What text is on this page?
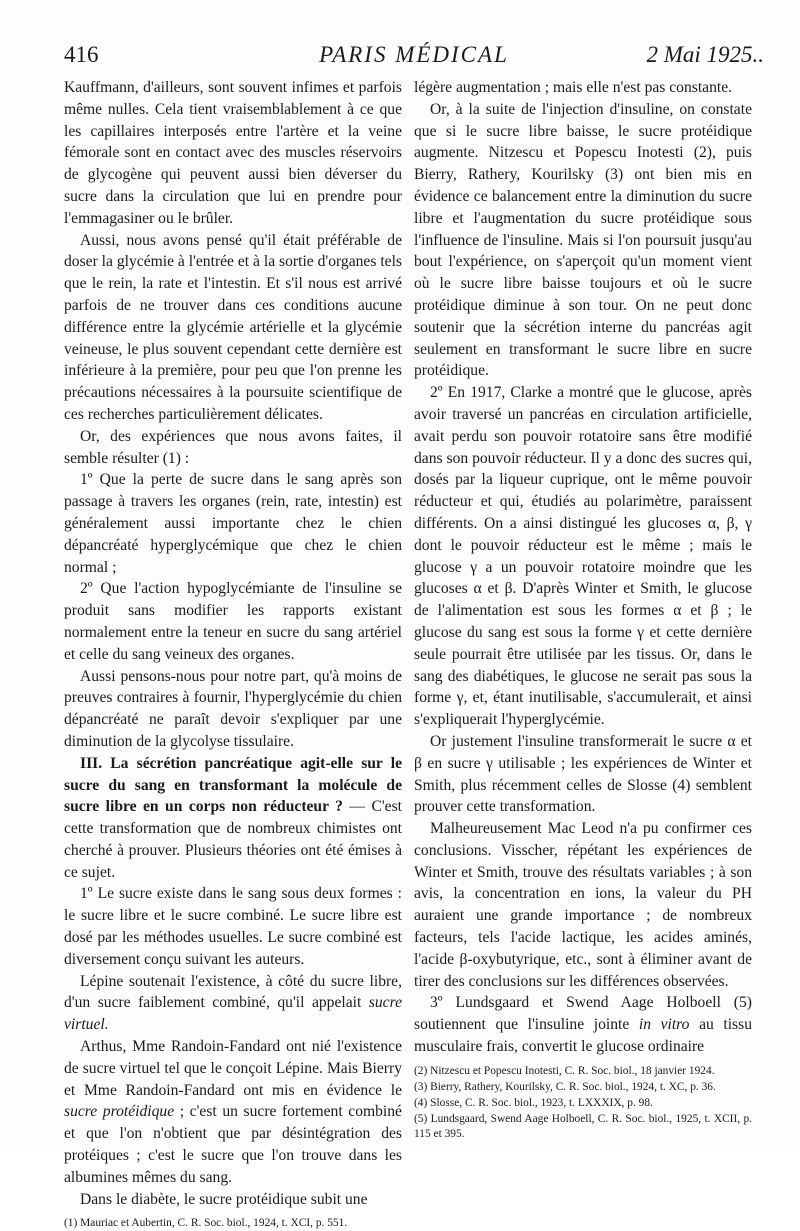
PARIS MÉDICAL
416	2 Mai 1925..

Kauffmann, d'ailleurs, sont souvent infimes et parfois même nulles. Cela tient vraisemblablement à ce que les capillaires interposés entre l'artère et la veine fémorale sont en contact avec des muscles réservoirs de glycogène qui peuvent aussi bien déverser du sucre dans la circulation que lui en prendre pour l'emmagasiner ou le brûler.

Aussi, nous avons pensé qu'il était préférable de doser la glycémie à l'entrée et à la sortie d'organes tels que le rein, la rate et l'intestin. Et s'il nous est arrivé parfois de ne trouver dans ces conditions aucune différence entre la glycémie artérielle et la glycémie veineuse, le plus souvent cependant cette dernière est inférieure à la première, pour peu que l'on prenne les précautions nécessaires à la poursuite scientifique de ces recherches particulièrement délicates.

Or, des expériences que nous avons faites, il semble résulter (1) :

1º Que la perte de sucre dans le sang après son passage à travers les organes (rein, rate, intestin) est généralement aussi importante chez le chien dépancréaté hyperglycémique que chez le chien normal ;

2º Que l'action hypoglycémiante de l'insuline se produit sans modifier les rapports existant normalement entre la teneur en sucre du sang artériel et celle du sang veineux des organes.

Aussi pensons-nous pour notre part, qu'à moins de preuves contraires à fournir, l'hyperglycémie du chien dépancréaté ne paraît devoir s'expliquer par une diminution de la glycolyse tissulaire.

III. La sécrétion pancréatique agit-elle sur le sucre du sang en transformant la molécule de sucre libre en un corps non réducteur ? — C'est cette transformation que de nombreux chimistes ont cherché à prouver. Plusieurs théories ont été émises à ce sujet.

1º Le sucre existe dans le sang sous deux formes : le sucre libre et le sucre combiné. Le sucre libre est dosé par les méthodes usuelles. Le sucre combiné est diversement conçu suivant les auteurs.

Lépine soutenait l'existence, à côté du sucre libre, d'un sucre faiblement combiné, qu'il appelait sucre virtuel.

Arthus, Mme Randoin-Fandard ont nié l'existence de sucre virtuel tel que le conçoit Lépine. Mais Bierry et Mme Randoin-Fandard ont mis en évidence le sucre protéidique ; c'est un sucre fortement combiné et que l'on n'obtient que par désintégration des protéiques ; c'est le sucre que l'on trouve dans les albumines mêmes du sang.

Dans le diabète, le sucre protéidique subit une

(1) Mauriac et Aubertin, C. R. Soc. biol., 1924, t. XCI, p. 551.

légère augmentation ; mais elle n'est pas constante.

Or, à la suite de l'injection d'insuline, on constate que si le sucre libre baisse, le sucre protéidique augmente. Nitzescu et Popescu Inotesti (2), puis Bierry, Rathery, Kourilsky (3) ont bien mis en évidence ce balancement entre la diminution du sucre libre et l'augmentation du sucre protéidique sous l'influence de l'insuline. Mais si l'on poursuit jusqu'au bout l'expérience, on s'aperçoit qu'un moment vient où le sucre libre baisse toujours et où le sucre protéidique diminue à son tour. On ne peut donc soutenir que la sécrétion interne du pancréas agit seulement en transformant le sucre libre en sucre protéidique.

2º En 1917, Clarke a montré que le glucose, après avoir traversé un pancréas en circulation artificielle, avait perdu son pouvoir rotatoire sans être modifié dans son pouvoir réducteur. Il y a donc des sucres qui, dosés par la liqueur cuprique, ont le même pouvoir réducteur et qui, étudiés au polarimètre, paraissent différents. On a ainsi distingué les glucoses α, β, γ dont le pouvoir réducteur est le même ; mais le glucose γ a un pouvoir rotatoire moindre que les glucoses α et β. D'après Winter et Smith, le glucose de l'alimentation est sous les formes α et β ; le glucose du sang est sous la forme γ et cette dernière seule pourrait être utilisée par les tissus. Or, dans le sang des diabétiques, le glucose ne serait pas sous la forme γ, et, étant inutilisable, s'accumulerait, et ainsi s'expliquerait l'hyperglycémie.

Or justement l'insuline transformerait le sucre α et β en sucre γ utilisable ; les expériences de Winter et Smith, plus récemment celles de Slosse (4) semblent prouver cette transformation.

Malheureusement Mac Leod n'a pu confirmer ces conclusions. Visscher, répétant les expériences de Winter et Smith, trouve des résultats variables ; à son avis, la concentration en ions, la valeur du PH auraient une grande importance ; de nombreux facteurs, tels l'acide lactique, les acides aminés, l'acide β-oxybutyrique, etc., sont à éliminer avant de tirer des conclusions sur les différences observées.

3º Lundsgaard et Swend Aage Holboell (5) soutiennent que l'insuline jointe in vitro au tissu musculaire frais, convertit le glucose ordinaire

(2) Nitzescu et Popescu Inotesti, C. R. Soc. biol., 18 janvier 1924.

(3) Bierry, Rathery, Kourilsky, C. R. Soc. biol., 1924, t. XC, p. 36.

(4) Slosse, C. R. Soc. biol., 1923, t. LXXXIX, p. 98.

(5) Lundsgaard, Swend Aage Holboell, C. R. Soc. biol., 1925, t. XCII, p. 115 et 395.
